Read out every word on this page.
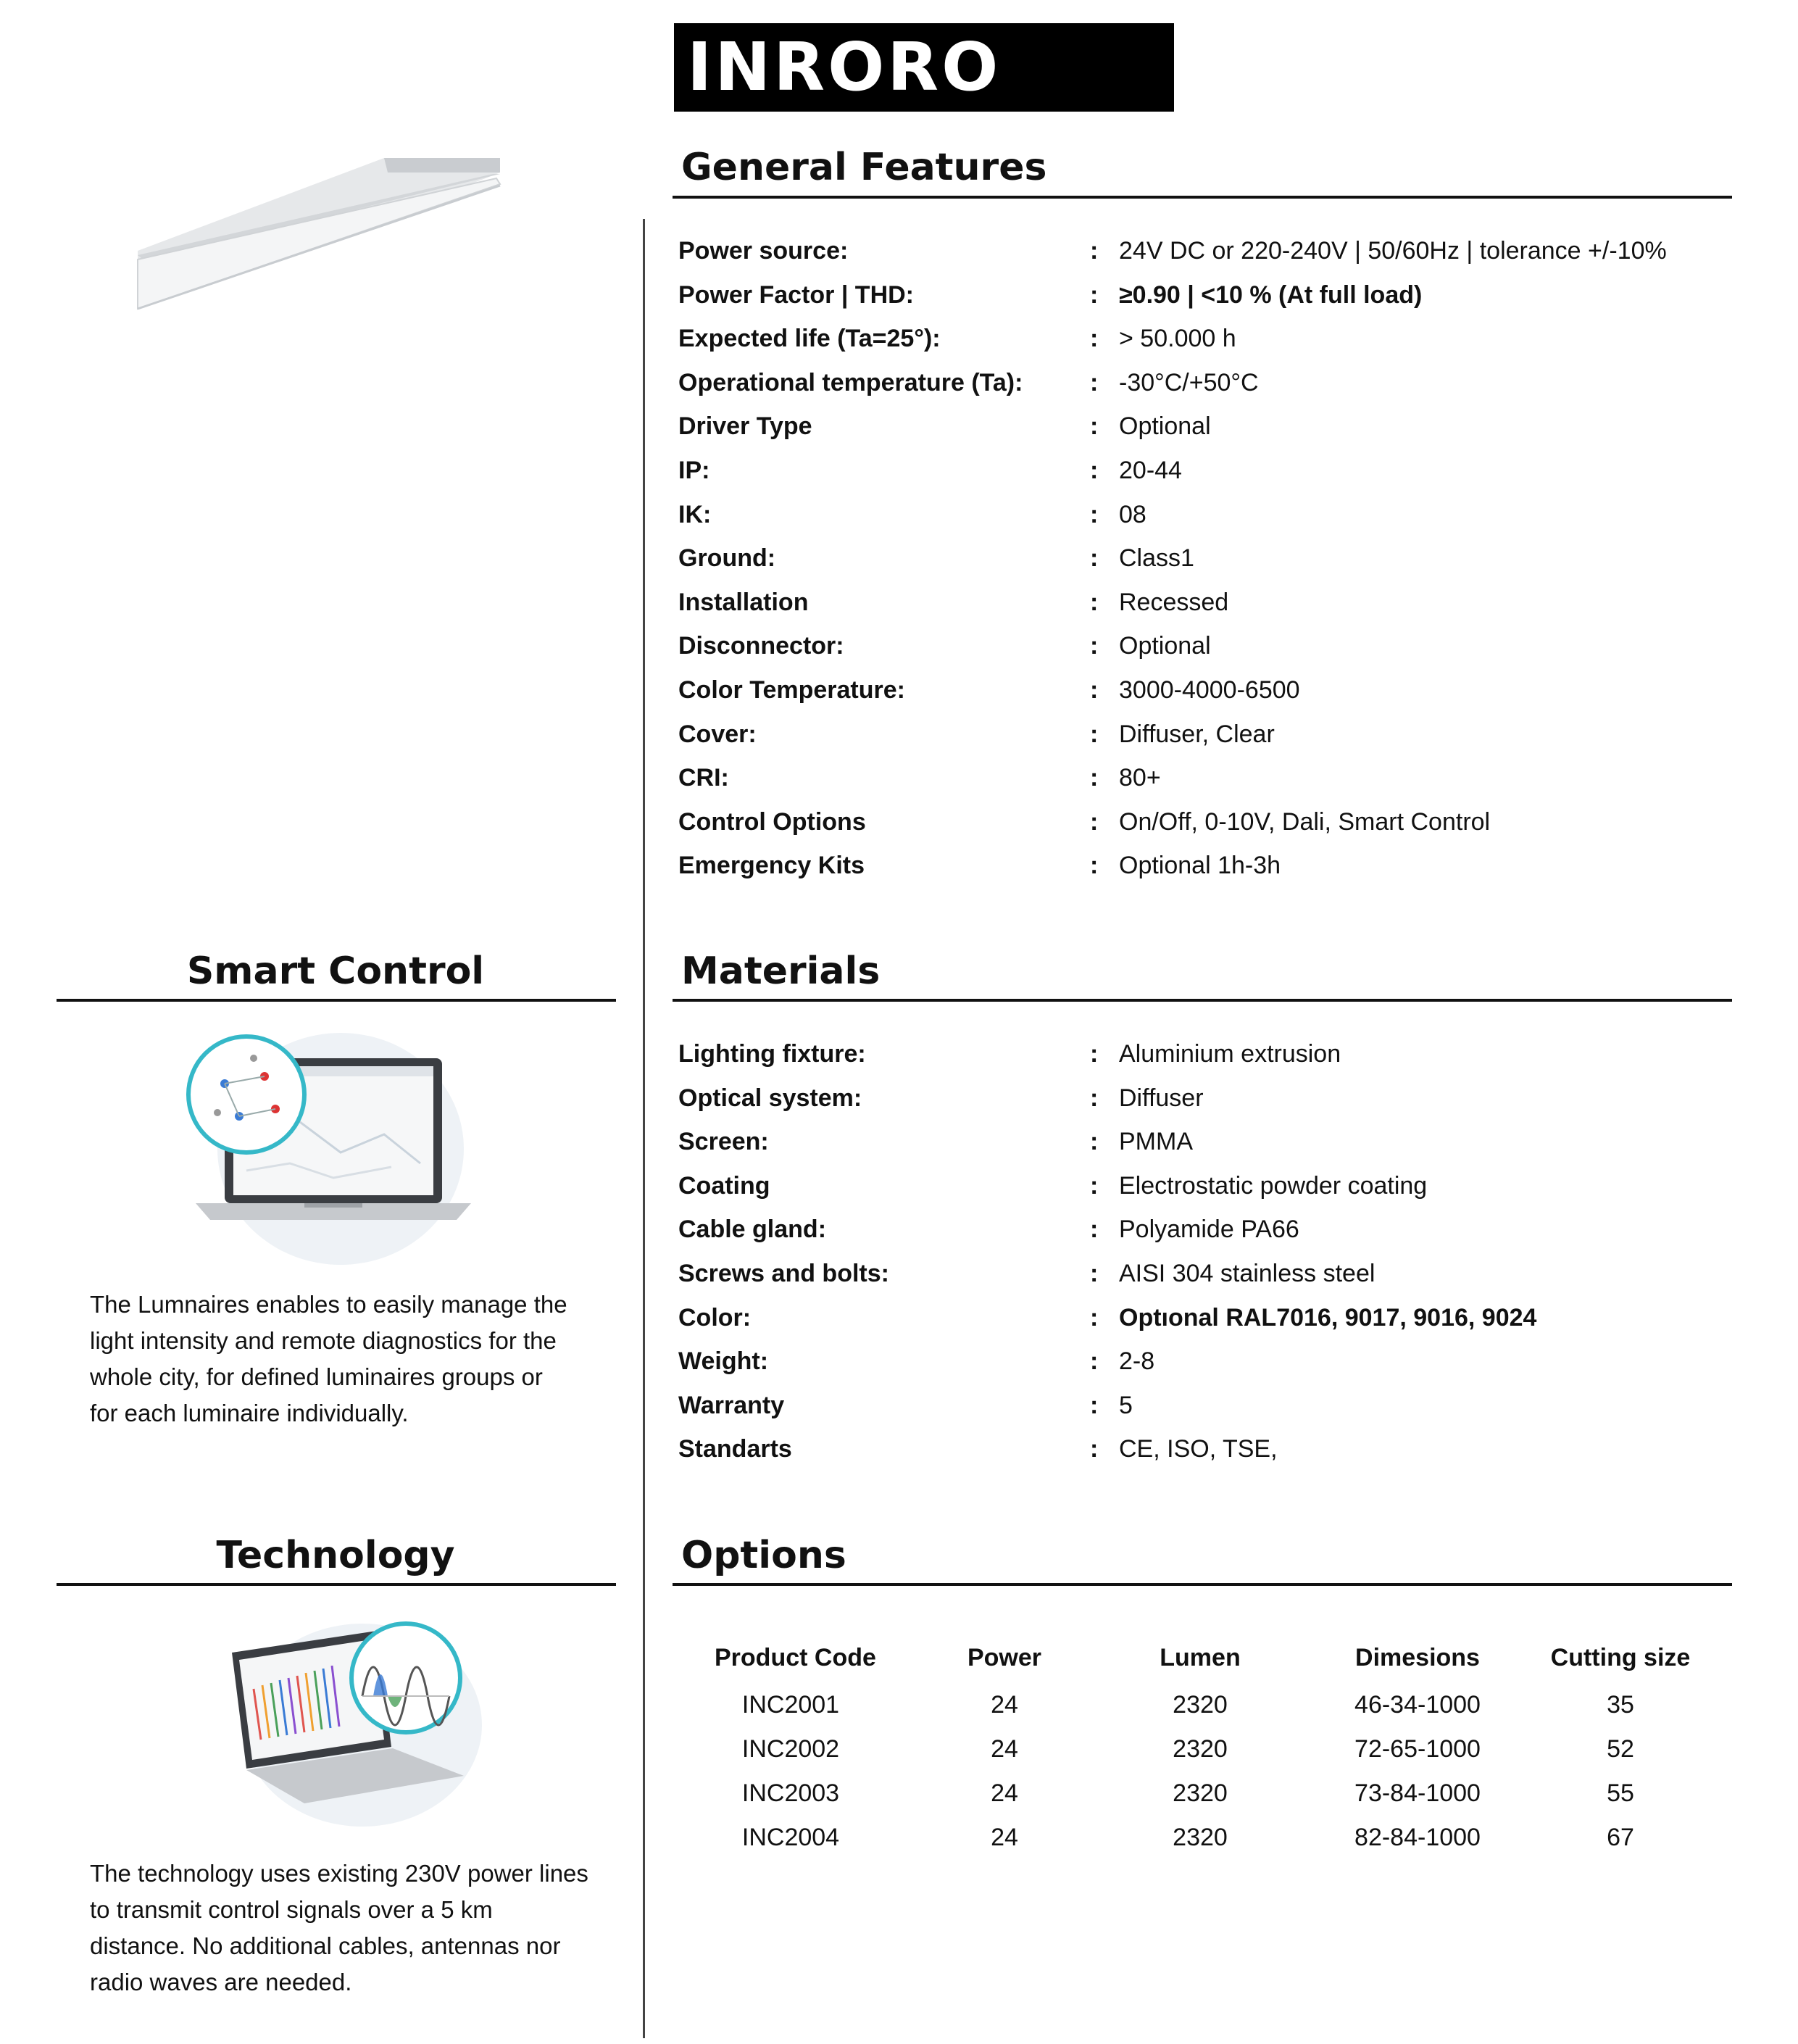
INRORO
General Features
Power source:	: 24V DC or 220-240V | 50/60Hz | tolerance +/-10%
Power Factor | THD:	: ≥0.90 | <10 % (At full load)
Expected life (Ta=25°):	: > 50.000 h
Operational temperature (Ta):	: -30°C/+50°C
Driver Type	: Optional
IP:	: 20-44
IK:	: 08
Ground:	: Class1
Installation	: Recessed
Disconnector:	: Optional
Color Temperature:	: 3000-4000-6500
Cover:	: Diffuser, Clear
CRI:	: 80+
Control Options	: On/Off, 0-10V, Dali, Smart Control
Emergency Kits	: Optional 1h-3h
Materials
Lighting fixture:	: Aluminium extrusion
Optical system:	: Diffuser
Screen:	: PMMA
Coating	: Electrostatic powder coating
Cable gland:	: Polyamide PA66
Screws and bolts:	: AISI 304 stainless steel
Color:	: Optıonal RAL7016, 9017, 9016, 9024
Weight:	: 2-8
Warranty	: 5
Standarts	: CE, ISO, TSE,
Options
Product Code	Power	Lumen	Dimesions	Cutting size
INC2001	24	2320	46-34-1000	35
INC2002	24	2320	72-65-1000	52
INC2003	24	2320	73-84-1000	55
INC2004	24	2320	82-84-1000	67
Smart Control
The Lumnaires enables to easily manage the
light intensity and remote diagnostics for the
whole city, for defined luminaires groups or
for each luminaire individually.
Technology
The technology uses existing 230V power lines
to transmit control signals over a 5 km
distance. No additional cables, antennas nor
radio waves are needed.
